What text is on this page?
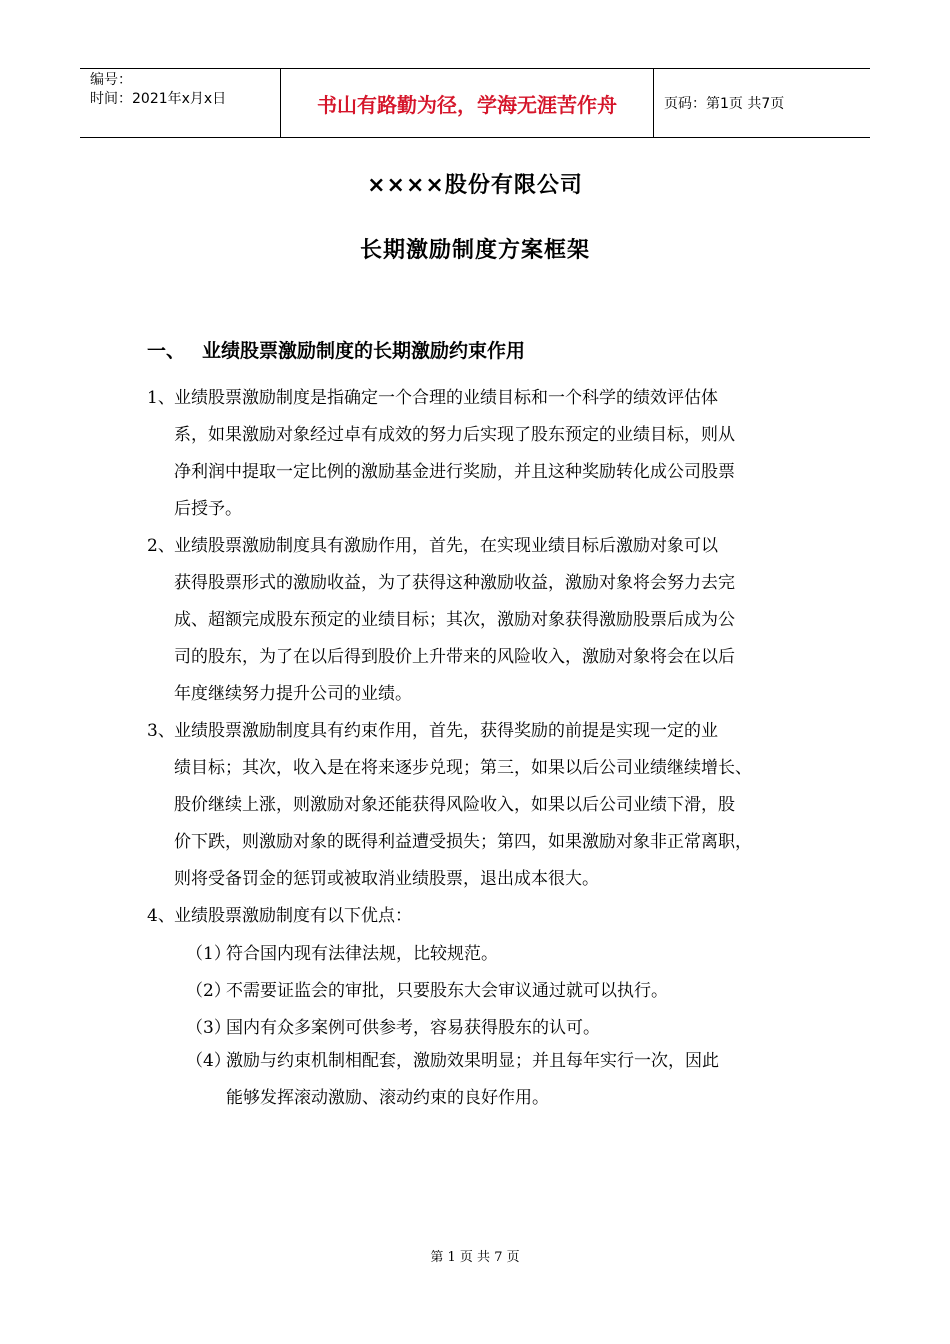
编号：
时间：2021年x月x日	书山有路勤为径，学海无涯苦作舟	页码：第1页 共7页
××××股份有限公司
长期激励制度方案框架
一、 业绩股票激励制度的长期激励约束作用
1、 业绩股票激励制度是指确定一个合理的业绩目标和一个科学的绩效评估体
系，如果激励对象经过卓有成效的努力后实现了股东预定的业绩目标，则从
净利润中提取一定比例的激励基金进行奖励，并且这种奖励转化成公司股票
后授予。
2、 业绩股票激励制度具有激励作用，首先，在实现业绩目标后激励对象可以
获得股票形式的激励收益，为了获得这种激励收益，激励对象将会努力去完
成、超额完成股东预定的业绩目标；其次，激励对象获得激励股票后成为公
司的股东，为了在以后得到股价上升带来的风险收入，激励对象将会在以后
年度继续努力提升公司的业绩。
3、 业绩股票激励制度具有约束作用，首先，获得奖励的前提是实现一定的业
绩目标；其次，收入是在将来逐步兑现；第三，如果以后公司业绩继续增长、
股价继续上涨，则激励对象还能获得风险收入，如果以后公司业绩下滑，股
价下跌，则激励对象的既得利益遭受损失；第四，如果激励对象非正常离职，
则将受备罚金的惩罚或被取消业绩股票，退出成本很大。
4、 业绩股票激励制度有以下优点：
（1）
符合国内现有法律法规，比较规范。
（2）
不需要证监会的审批，只要股东大会审议通过就可以执行。
（3）
国内有众多案例可供参考，容易获得股东的认可。
（4）
激励与约束机制相配套，激励效果明显；并且每年实行一次，因此
能够发挥滚动激励、滚动约束的良好作用。
第 1 页 共 7 页
